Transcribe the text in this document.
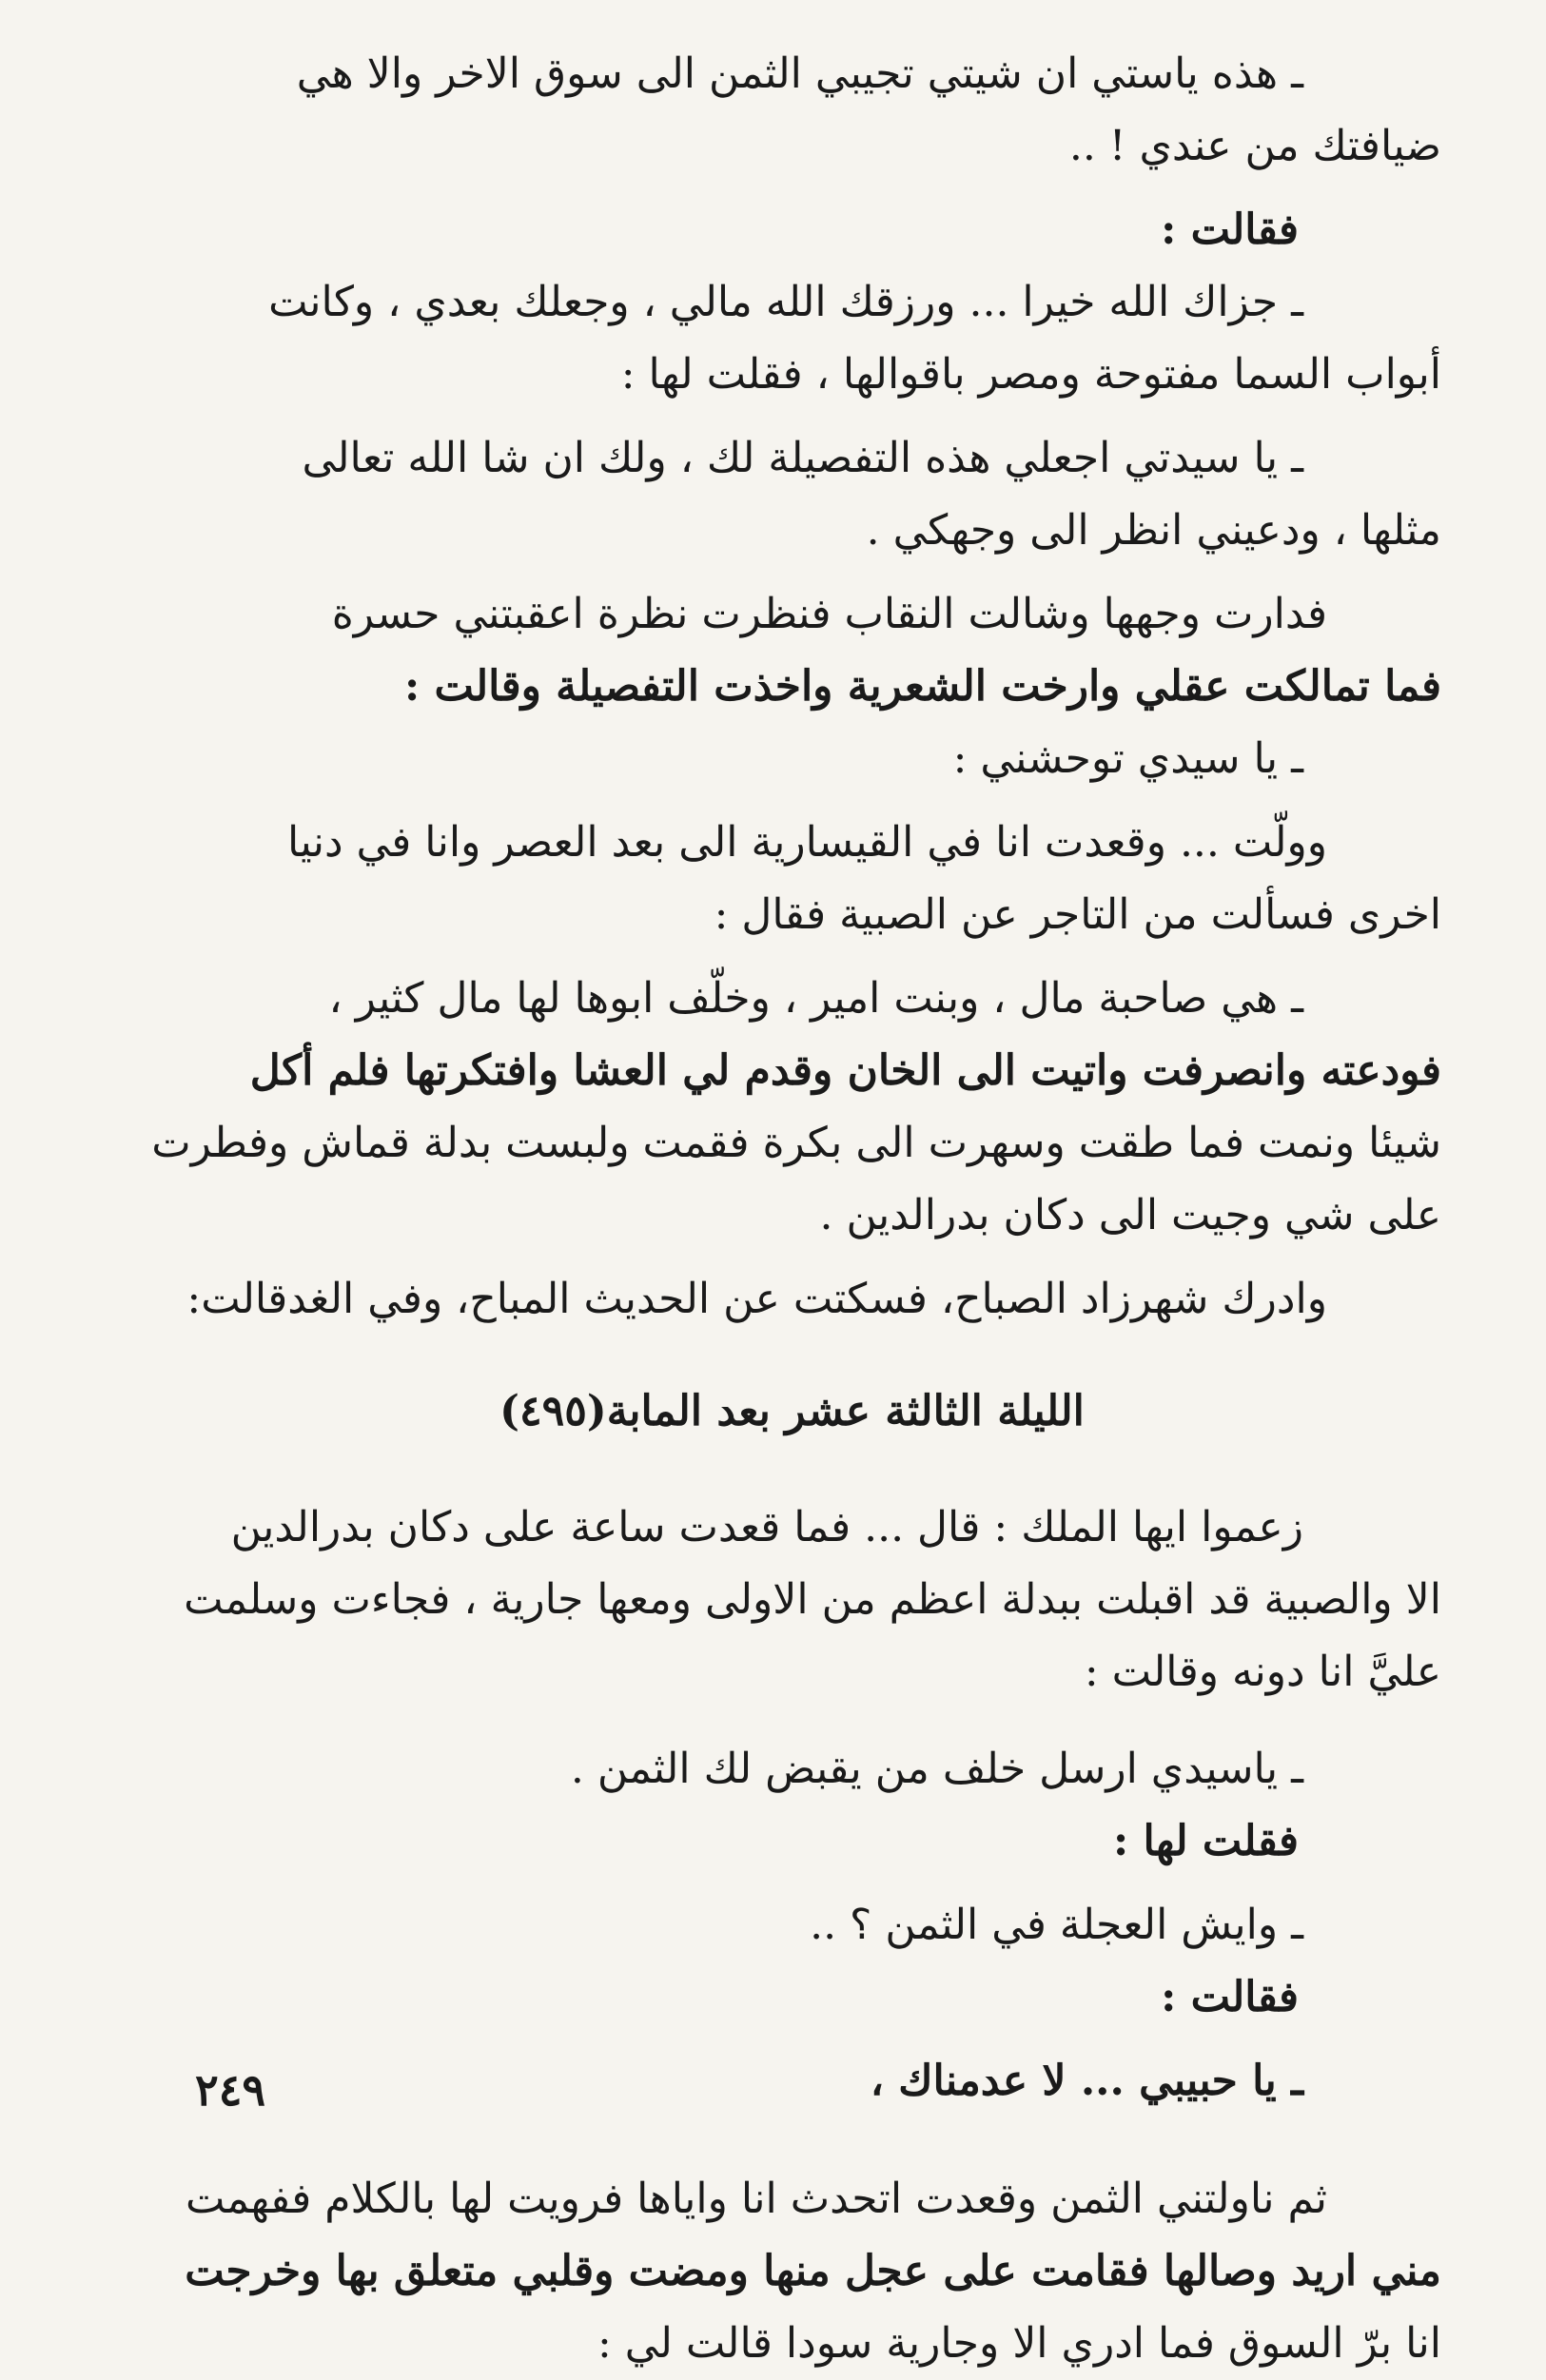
ـ هذه ياستي ان شيتي تجيبي الثمن الى سوق الاخر والا هي
ضيافتك من عندي ! ..
فقالت :
ـ جزاك الله خيرا ... ورزقك الله مالي ، وجعلك بعدي ، وكانت
أبواب السما مفتوحة ومصر باقوالها ، فقلت لها :
ـ يا سيدتي اجعلي هذه التفصيلة لك ، ولك ان شا الله تعالى
مثلها ، ودعيني انظر الى وجهكي .
فدارت وجهها وشالت النقاب فنظرت نظرة اعقبتني حسرة
فما تمالكت عقلي وارخت الشعرية واخذت التفصيلة وقالت :
ـ يا سيدي توحشني :
وولّت ... وقعدت انا في القيسارية الى بعد العصر وانا في دنيا
اخرى فسألت من التاجر عن الصبية فقال :
ـ هي صاحبة مال ، وبنت امير ، وخلّف ابوها لها مال كثير ،
فودعته وانصرفت واتيت الى الخان وقدم لي العشا وافتكرتها فلم أكل
شيئا ونمت فما طقت وسهرت الى بكرة فقمت ولبست بدلة قماش وفطرت
على شي وجيت الى دكان بدرالدين .
وادرك شهرزاد الصباح، فسكتت عن الحديث المباح، وفي الغدقالت:
الليلة الثالثة عشر بعد المابة(٤٩٥)
زعموا ايها الملك : قال ... فما قعدت ساعة على دكان بدرالدين
الا والصبية قد اقبلت ببدلة اعظم من الاولى ومعها جارية ، فجاءت وسلمت
عليَّ انا دونه وقالت :
ـ ياسيدي ارسل خلف من يقبض لك الثمن .
فقلت لها :
ـ وايش العجلة في الثمن ؟ ..
فقالت :
ـ يا حبيبي ... لا عدمناك ،
ثم ناولتني الثمن وقعدت اتحدث انا واياها فرويت لها بالكلام ففهمت
مني اريد وصالها فقامت على عجل منها ومضت وقلبي متعلق بها وخرجت
انا برّ السوق فما ادري الا وجارية سودا قالت لي :
٢٤٩
